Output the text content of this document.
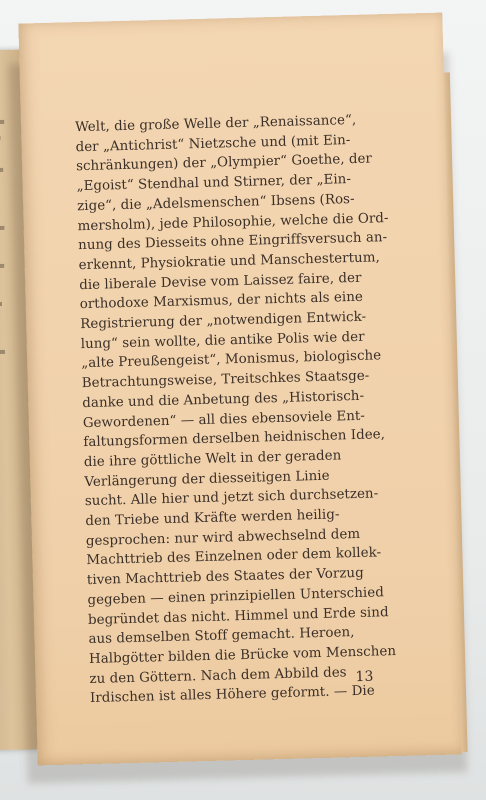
Welt, die große Welle der „Renaissance“,
der „Antichrist“ Nietzsche und (mit Ein-
schränkungen) der „Olympier“ Goethe, der
„Egoist“ Stendhal und Stirner, der „Ein-
zige“, die „Adelsmenschen“ Ibsens (Ros-
mersholm), jede Philosophie, welche die Ord-
nung des Diesseits ohne Eingriffsversuch an-
erkennt, Physiokratie und Manschestertum,
die liberale Devise vom Laissez faire, der
orthodoxe Marxismus, der nichts als eine
Registrierung der „notwendigen Entwick-
lung“ sein wollte, die antike Polis wie der
„alte Preußengeist“, Monismus, biologische
Betrachtungsweise, Treitschkes Staatsge-
danke und die Anbetung des „Historisch-
Gewordenen“ — all dies ebensoviele Ent-
faltungsformen derselben heidnischen Idee,
die ihre göttliche Welt in der geraden
Verlängerung der diesseitigen Linie
sucht. Alle hier und jetzt sich durchsetzen-
den Triebe und Kräfte werden heilig-
gesprochen: nur wird abwechselnd dem
Machttrieb des Einzelnen oder dem kollek-
tiven Machttrieb des Staates der Vorzug
gegeben — einen prinzipiellen Unterschied
begründet das nicht. Himmel und Erde sind
aus demselben Stoff gemacht. Heroen,
Halbgötter bilden die Brücke vom Menschen
zu den Göttern. Nach dem Abbild des
Irdischen ist alles Höhere geformt. — Die
13
